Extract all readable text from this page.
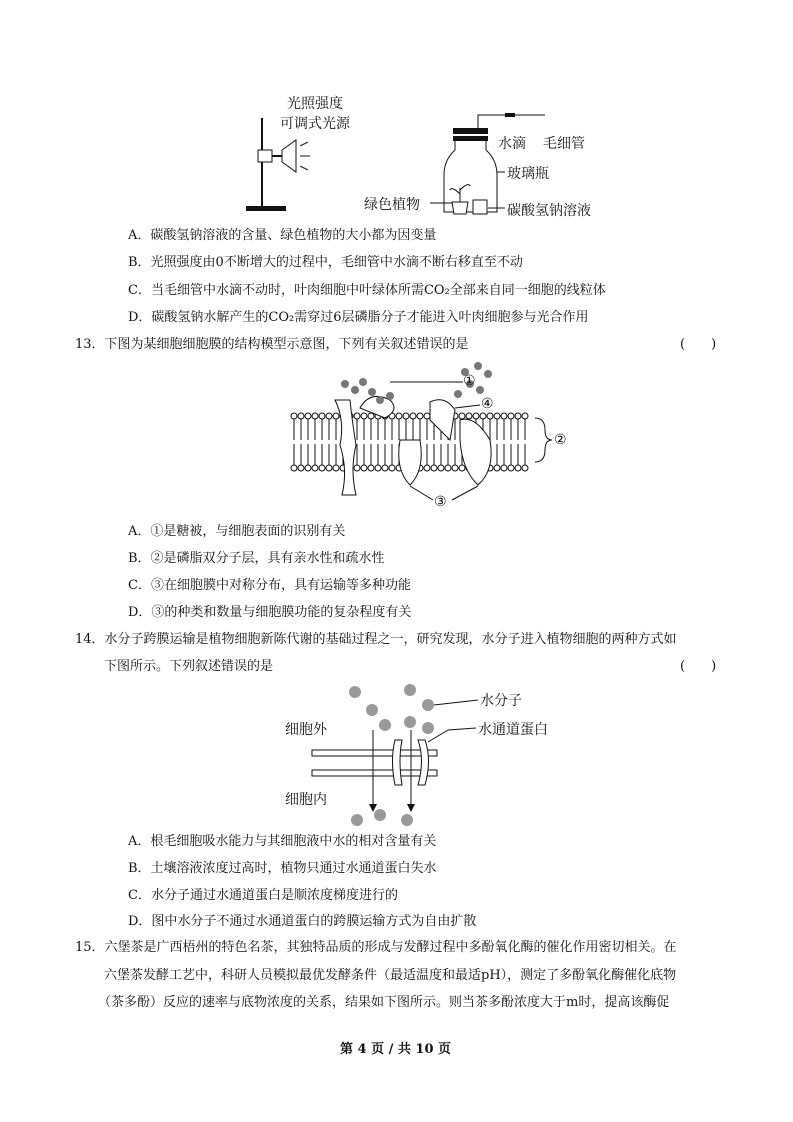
光照强度
可调式光源
水滴 毛细管
玻璃瓶
绿色植物	碳酸氢钠溶液
A．碳酸氢钠溶液的含量、绿色植物的大小都为因变量
B．光照强度由0不断增大的过程中，毛细管中水滴不断右移直至不动
C．当毛细管中水滴不动时，叶肉细胞中叶绿体所需CO₂全部来自同一细胞的线粒体
D．碳酸氢钠水解产生的CO₂需穿过6层磷脂分子才能进入叶肉细胞参与光合作用
13．下图为某细胞细胞膜的结构模型示意图，下列有关叙述错误的是	(　　)
①
②
③
④
A．①是糖被，与细胞表面的识别有关
B．②是磷脂双分子层，具有亲水性和疏水性
C．③在细胞膜中对称分布，具有运输等多种功能
D．③的种类和数量与细胞膜功能的复杂程度有关
14．水分子跨膜运输是植物细胞新陈代谢的基础过程之一，研究发现，水分子进入植物细胞的两种方式如
下图所示。下列叙述错误的是	(　　)
水分子
水通道蛋白
细胞外
细胞内
A．根毛细胞吸水能力与其细胞液中水的相对含量有关
B．土壤溶液浓度过高时，植物只通过水通道蛋白失水
C．水分子通过水通道蛋白是顺浓度梯度进行的
D．图中水分子不通过水通道蛋白的跨膜运输方式为自由扩散
15．六堡茶是广西梧州的特色名茶，其独特品质的形成与发酵过程中多酚氧化酶的催化作用密切相关。在
六堡茶发酵工艺中，科研人员模拟最优发酵条件（最适温度和最适pH），测定了多酚氧化酶催化底物
（茶多酚）反应的速率与底物浓度的关系，结果如下图所示。则当茶多酚浓度大于m时，提高该酶促
第 4 页 / 共 10 页
